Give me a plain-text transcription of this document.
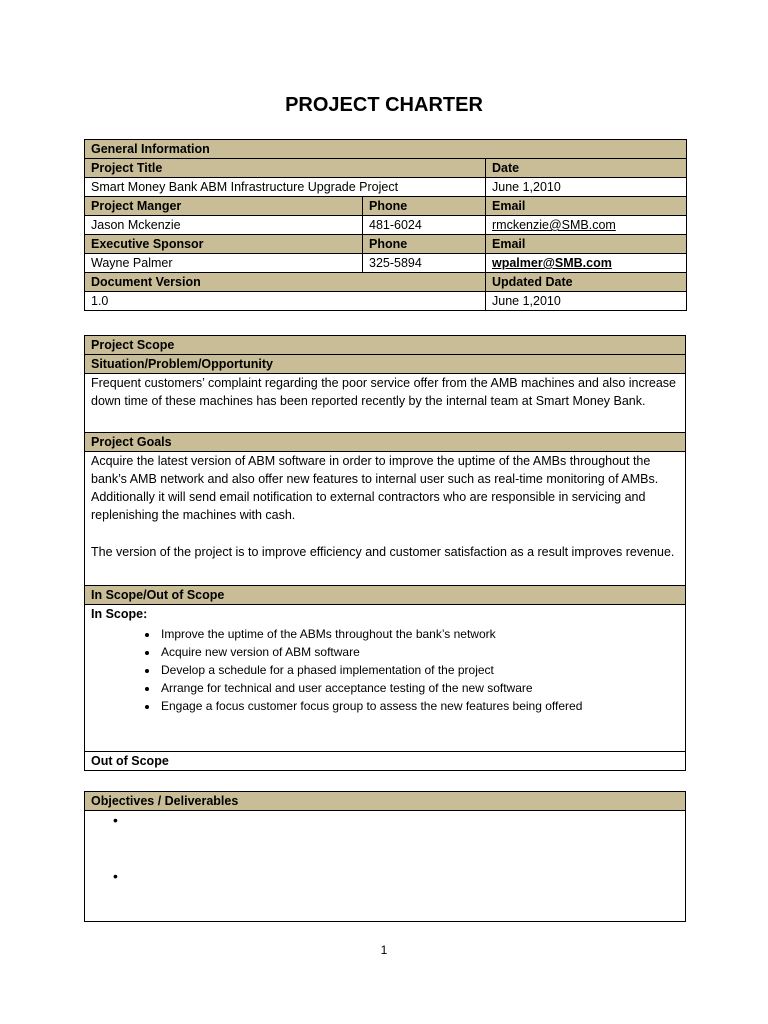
PROJECT CHARTER
General Information		
Project Title		Date
Smart Money Bank ABM Infrastructure Upgrade Project		June 1,2010
Project Manger	Phone	Email
Jason Mckenzie	481-6024	rmckenzie@SMB.com
Executive Sponsor	Phone	Email
Wayne Palmer	325-5894	wpalmer@SMB.com
Document Version		Updated Date
1.0		June 1,2010
Project Scope
Situation/Problem/Opportunity
Frequent customers’ complaint regarding the poor service offer from the AMB machines and also increase down time of these machines has been reported recently by the internal team at Smart Money Bank.
Project Goals

Acquire the latest version of ABM software in order to improve the uptime of the AMBs throughout the bank’s AMB network and also offer new features to internal user such as real-time monitoring of AMBs. Additionally it will send email notification to external contractors who are responsible in servicing and replenishing the machines with cash.
The version of the project is to improve efficiency and customer satisfaction as a result improves revenue.

In Scope/Out of Scope

In Scope:
• Improve the uptime of the ABMs throughout the bank’s network
• Acquire new version of ABM software
• Develop a schedule for a phased implementation of the project
• Arrange for technical and user acceptance testing of the new software
• Engage a focus customer focus group to assess the new features being offered

Out of Scope
Objectives / Deliverables

•
•
1
